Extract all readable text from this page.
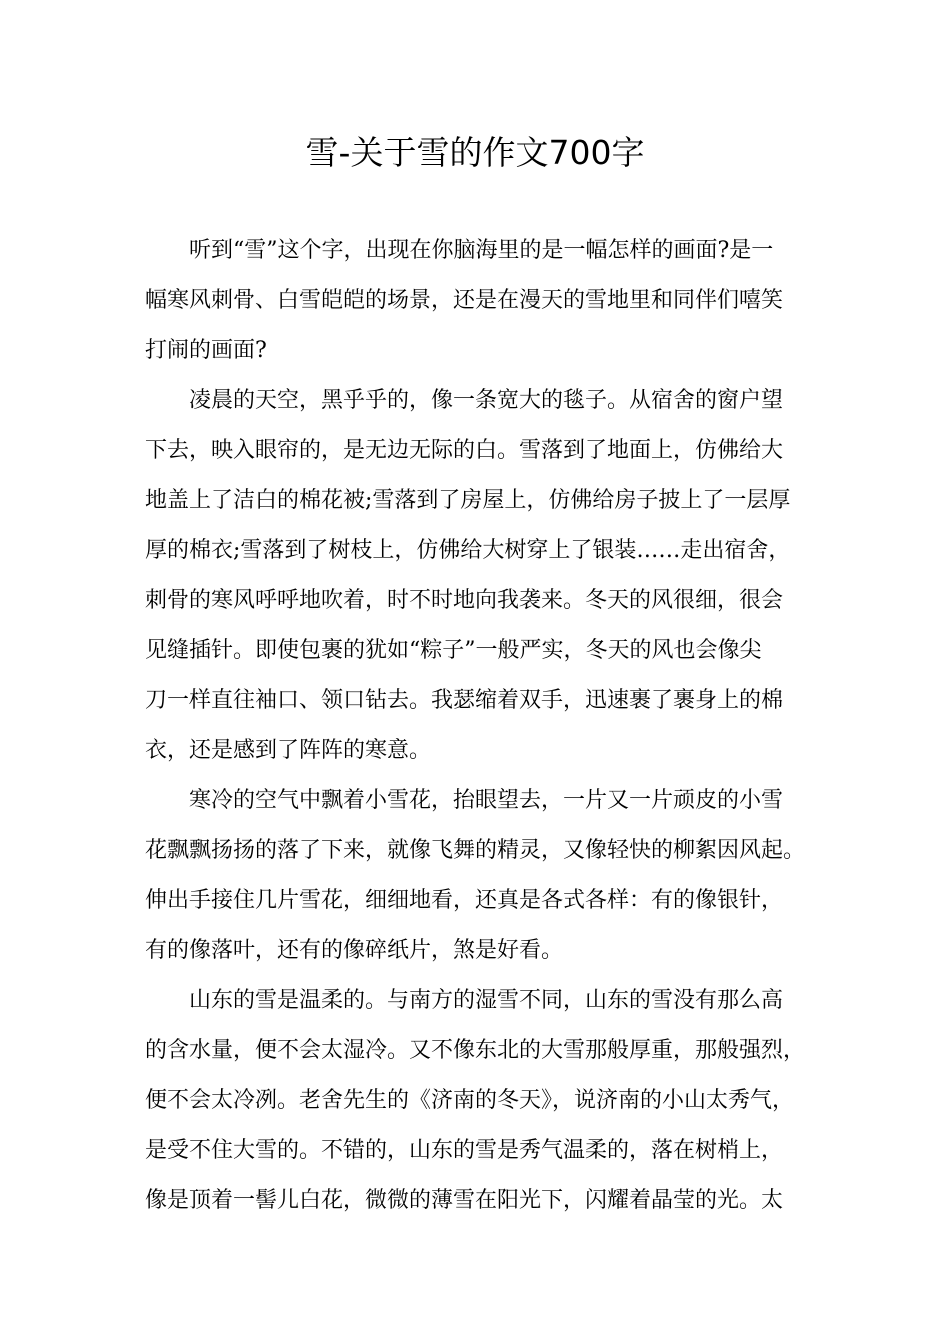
雪-关于雪的作文700字
听到“雪”这个字，出现在你脑海里的是一幅怎样的画面?是一
幅寒风刺骨、白雪皑皑的场景，还是在漫天的雪地里和同伴们嘻笑
打闹的画面?
凌晨的天空，黑乎乎的，像一条宽大的毯子。从宿舍的窗户望
下去，映入眼帘的，是无边无际的白。雪落到了地面上，仿佛给大
地盖上了洁白的棉花被;雪落到了房屋上，仿佛给房子披上了一层厚
厚的棉衣;雪落到了树枝上，仿佛给大树穿上了银装……走出宿舍，
刺骨的寒风呼呼地吹着，时不时地向我袭来。冬天的风很细，很会
见缝插针。即使包裹的犹如“粽子”一般严实，冬天的风也会像尖
刀一样直往袖口、领口钻去。我瑟缩着双手，迅速裹了裹身上的棉
衣，还是感到了阵阵的寒意。
寒冷的空气中飘着小雪花，抬眼望去，一片又一片顽皮的小雪
花飘飘扬扬的落了下来，就像飞舞的精灵，又像轻快的柳絮因风起。
伸出手接住几片雪花，细细地看，还真是各式各样：有的像银针，
有的像落叶，还有的像碎纸片，煞是好看。
山东的雪是温柔的。与南方的湿雪不同，山东的雪没有那么高
的含水量，便不会太湿冷。又不像东北的大雪那般厚重，那般强烈，
便不会太冷冽。老舍先生的《济南的冬天》，说济南的小山太秀气，
是受不住大雪的。不错的，山东的雪是秀气温柔的，落在树梢上，
像是顶着一髻儿白花，微微的薄雪在阳光下，闪耀着晶莹的光。太
